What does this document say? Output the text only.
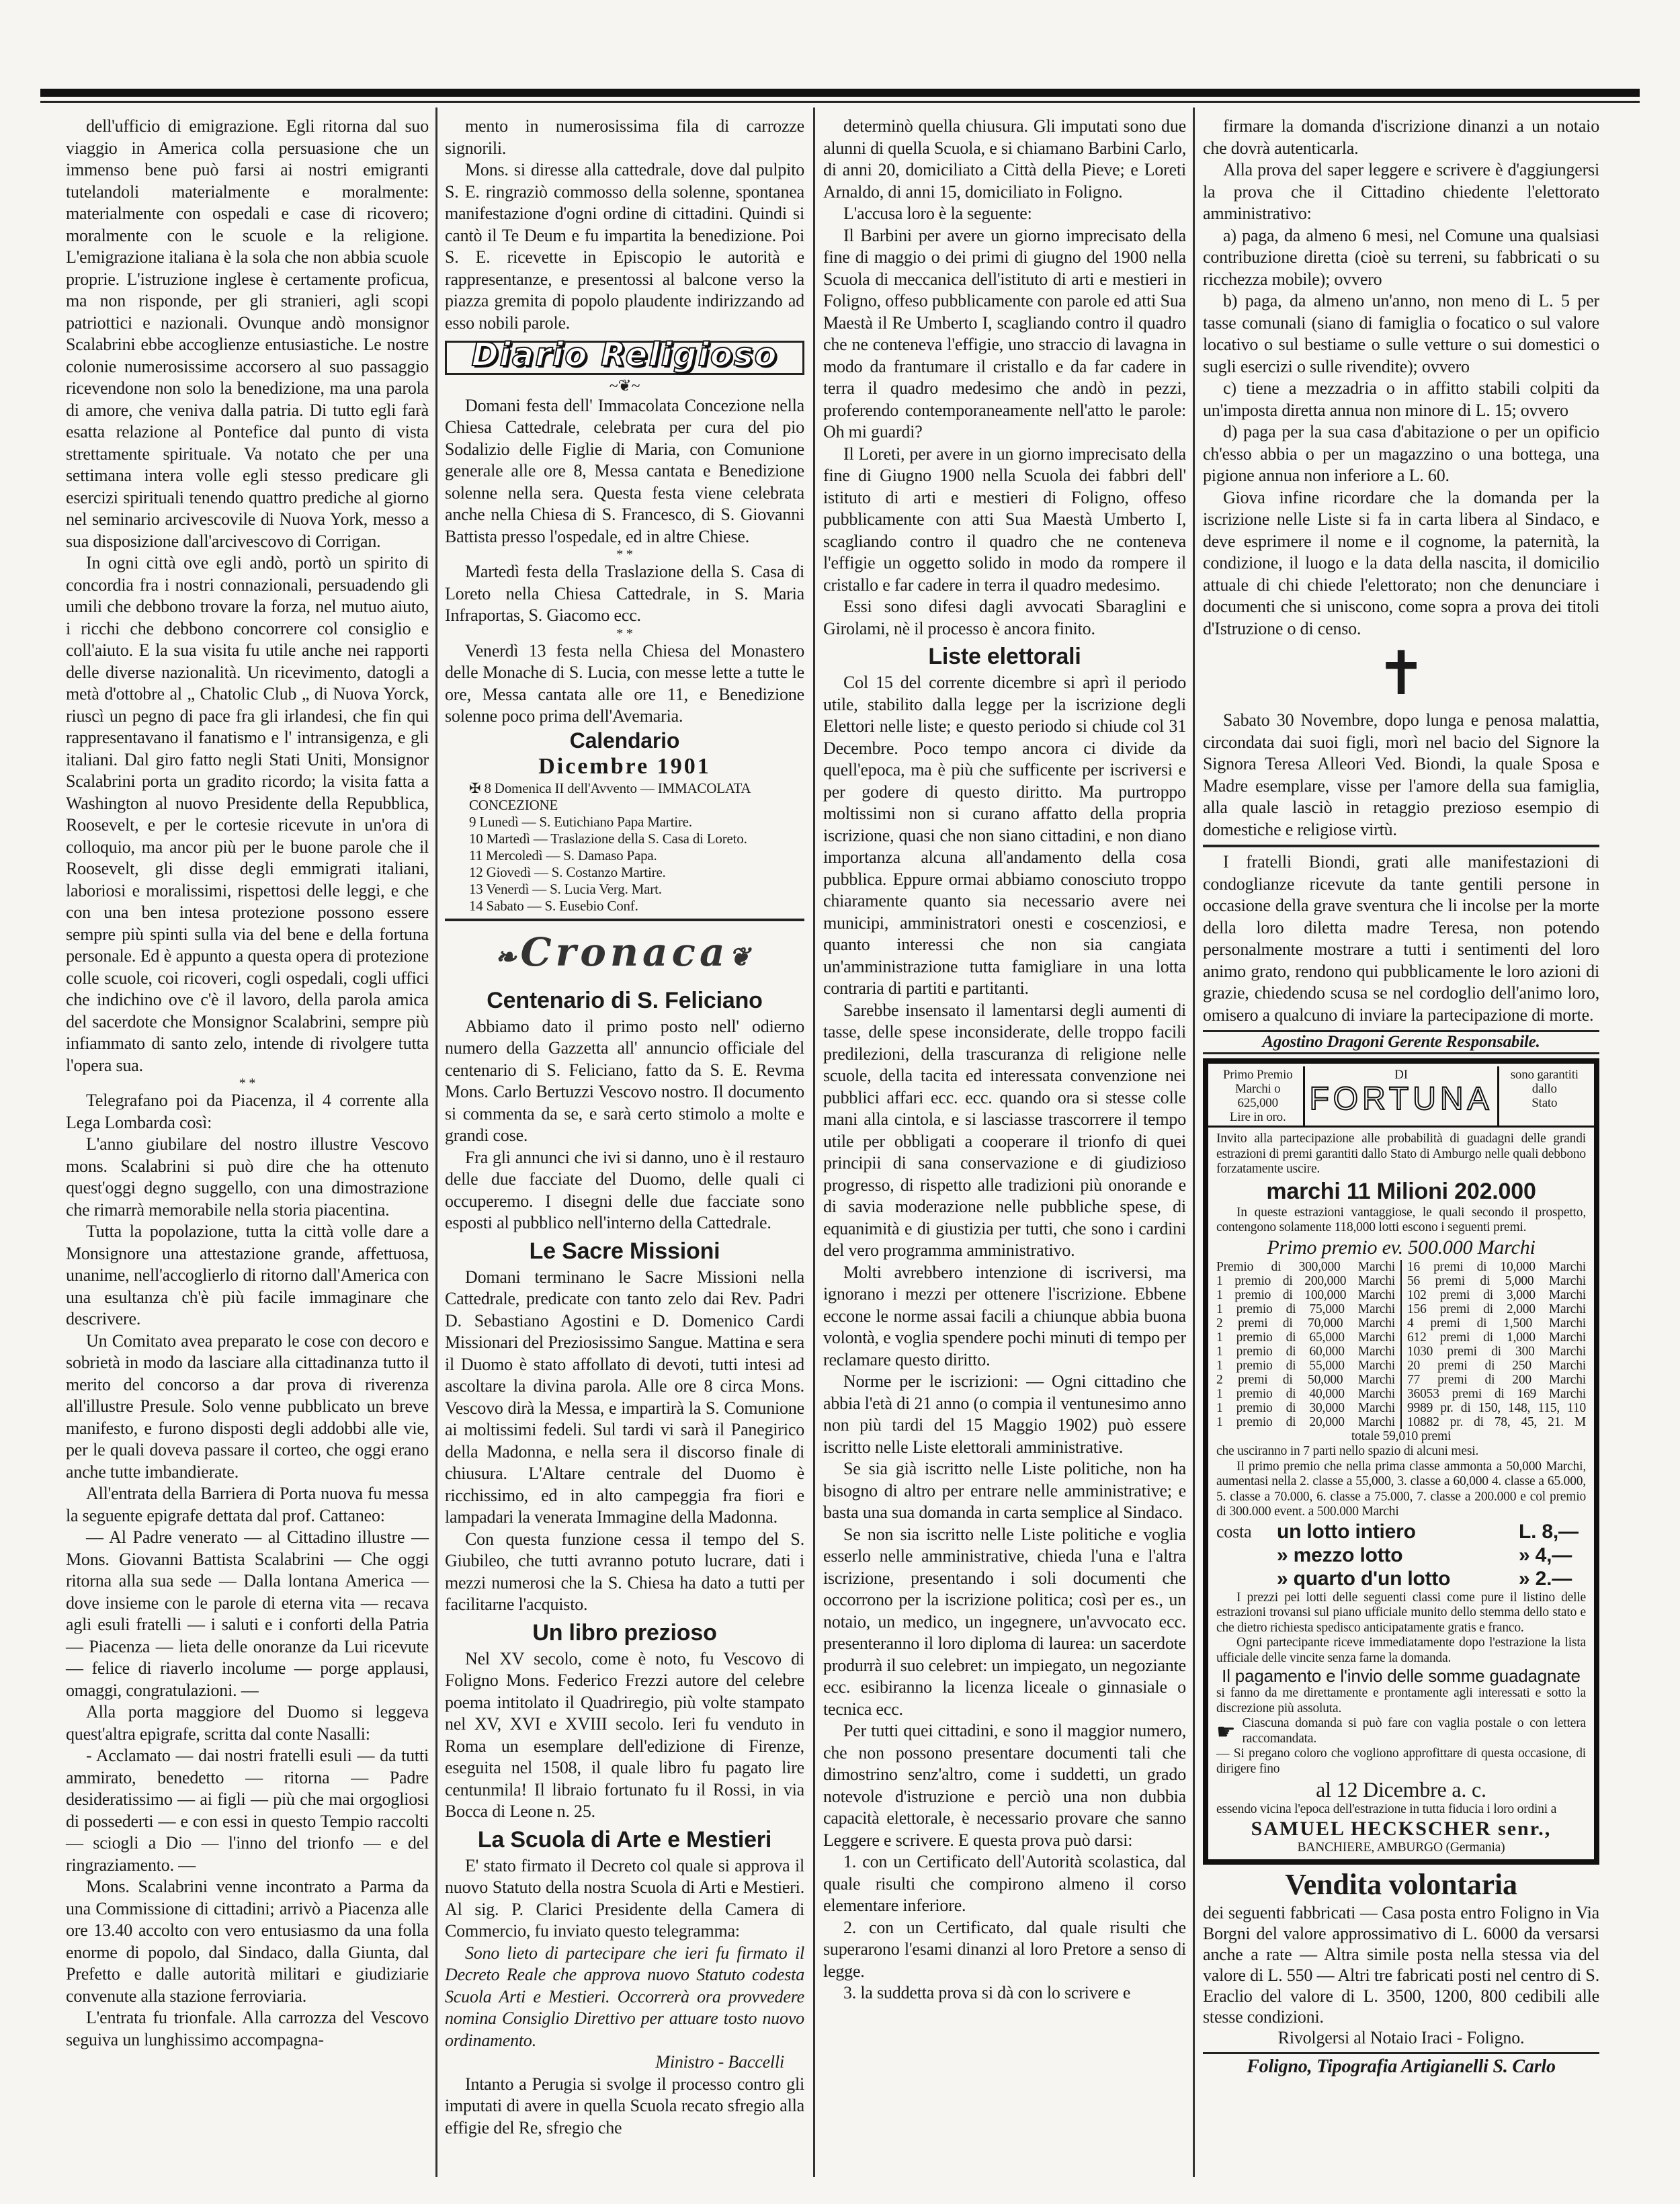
dell'ufficio di emigrazione. Egli ritorna dal suo viaggio in America colla persuasione che un immenso bene può farsi ai nostri emigranti tutelandoli materialmente e moralmente: materialmente con ospedali e case di ricovero; moralmente con le scuole e la religione. L'emigrazione italiana è la sola che non abbia scuole proprie. L'istruzione inglese è certamente proficua, ma non risponde, per gli stranieri, agli scopi patriottici e nazionali. Ovunque andò monsignor Scalabrini ebbe accoglienze entusiastiche. Le nostre colonie numerosissime accorsero al suo passaggio ricevendone non solo la benedizione, ma una parola di amore, che veniva dalla patria. Di tutto egli farà esatta relazione al Pontefice dal punto di vista strettamente spirituale. Va notato che per una settimana intera volle egli stesso predicare gli esercizi spirituali tenendo quattro prediche al giorno nel seminario arcivescovile di Nuova York, messo a sua disposizione dall'arcivescovo di Corrigan.
In ogni città ove egli andò, portò un spirito di concordia fra i nostri connazionali, persuadendo gli umili che debbono trovare la forza, nel mutuo aiuto, i ricchi che debbono concorrere col consiglio e coll'aiuto. E la sua visita fu utile anche nei rapporti delle diverse nazionalità. Un ricevimento, datogli a metà d'ottobre al „ Chatolic Club „ di Nuova Yorck, riuscì un pegno di pace fra gli irlandesi, che fin qui rappresentavano il fanatismo e l' intransigenza, e gli italiani. Dal giro fatto negli Stati Uniti, Monsignor Scalabrini porta un gradito ricordo; la visita fatta a Washington al nuovo Presidente della Repubblica, Roosevelt, e per le cortesie ricevute in un'ora di colloquio, ma ancor più per le buone parole che il Roosevelt, gli disse degli emmigrati italiani, laboriosi e moralissimi, rispettosi delle leggi, e che con una ben intesa protezione possono essere sempre più spinti sulla via del bene e della fortuna personale. Ed è appunto a questa opera di protezione colle scuole, coi ricoveri, cogli ospedali, cogli uffici che indichino ove c'è il lavoro, della parola amica del sacerdote che Monsignor Scalabrini, sempre più infiammato di santo zelo, intende di rivolgere tutta l'opera sua.
* *
Telegrafano poi da Piacenza, il 4 corrente alla Lega Lombarda così:
L'anno giubilare del nostro illustre Vescovo mons. Scalabrini si può dire che ha ottenuto quest'oggi degno suggello, con una dimostrazione che rimarrà memorabile nella storia piacentina.
Tutta la popolazione, tutta la città volle dare a Monsignore una attestazione grande, affettuosa, unanime, nell'accoglierlo di ritorno dall'America con una esultanza ch'è più facile immaginare che descrivere.
Un Comitato avea preparato le cose con decoro e sobrietà in modo da lasciare alla cittadinanza tutto il merito del concorso a dar prova di riverenza all'illustre Presule. Solo venne pubblicato un breve manifesto, e furono disposti degli addobbi alle vie, per le quali doveva passare il corteo, che oggi erano anche tutte imbandierate.
All'entrata della Barriera di Porta nuova fu messa la seguente epigrafe dettata dal prof. Cattaneo:
— Al Padre venerato — al Cittadino illustre — Mons. Giovanni Battista Scalabrini — Che oggi ritorna alla sua sede — Dalla lontana America — dove insieme con le parole di eterna vita — recava agli esuli fratelli — i saluti e i conforti della Patria — Piacenza — lieta delle onoranze da Lui ricevute — felice di riaverlo incolume — porge applausi, omaggi, congratulazioni. —
Alla porta maggiore del Duomo si leggeva quest'altra epigrafe, scritta dal conte Nasalli:
- Acclamato — dai nostri fratelli esuli — da tutti ammirato, benedetto — ritorna — Padre desideratissimo — ai figli — più che mai orgogliosi di possederti — e con essi in questo Tempio raccolti — sciogli a Dio — l'inno del trionfo — e del ringraziamento. —
Mons. Scalabrini venne incontrato a Parma da una Commissione di cittadini; arrivò a Piacenza alle ore 13.40 accolto con vero entusiasmo da una folla enorme di popolo, dal Sindaco, dalla Giunta, dal Prefetto e dalle autorità militari e giudiziarie convenute alla stazione ferroviaria.
L'entrata fu trionfale. Alla carrozza del Vescovo seguiva un lunghissimo accompagna-
mento in numerosissima fila di carrozze signorili.
Mons. si diresse alla cattedrale, dove dal pulpito S. E. ringraziò commosso della solenne, spontanea manifestazione d'ogni ordine di cittadini. Quindi si cantò il Te Deum e fu impartita la benedizione. Poi S. E. ricevette in Episcopio le autorità e rappresentanze, e presentossi al balcone verso la piazza gremita di popolo plaudente indirizzando ad esso nobili parole.
Diario Religioso
~❦~
Domani festa dell' Immacolata Concezione nella Chiesa Cattedrale, celebrata per cura del pio Sodalizio delle Figlie di Maria, con Comunione generale alle ore 8, Messa cantata e Benedizione solenne nella sera. Questa festa viene celebrata anche nella Chiesa di S. Francesco, di S. Giovanni Battista presso l'ospedale, ed in altre Chiese.
* *
Martedì festa della Traslazione della S. Casa di Loreto nella Chiesa Cattedrale, in S. Maria Infraportas, S. Giacomo ecc.
* *
Venerdì 13 festa nella Chiesa del Monastero delle Monache di S. Lucia, con messe lette a tutte le ore, Messa cantata alle ore 11, e Benedizione solenne poco prima dell'Avemaria.
Calendario
Dicembre 1901
✠ 8 Domenica II dell'Avvento — IMMACOLATA CONCEZIONE
9 Lunedì — S. Eutichiano Papa Martire.
10 Martedì — Traslazione della S. Casa di Loreto.
11 Mercoledì — S. Damaso Papa.
12 Giovedì — S. Costanzo Martire.
13 Venerdì — S. Lucia Verg. Mart.
14 Sabato — S. Eusebio Conf.
❧Cronaca❦
Centenario di S. Feliciano
Abbiamo dato il primo posto nell' odierno numero della Gazzetta all' annuncio officiale del centenario di S. Feliciano, fatto da S. E. Revma Mons. Carlo Bertuzzi Vescovo nostro. Il documento si commenta da se, e sarà certo stimolo a molte e grandi cose.
Fra gli annunci che ivi si danno, uno è il restauro delle due facciate del Duomo, delle quali ci occuperemo. I disegni delle due facciate sono esposti al pubblico nell'interno della Cattedrale.
Le Sacre Missioni
Domani terminano le Sacre Missioni nella Cattedrale, predicate con tanto zelo dai Rev. Padri D. Sebastiano Agostini e D. Domenico Cardi Missionari del Preziosissimo Sangue. Mattina e sera il Duomo è stato affollato di devoti, tutti intesi ad ascoltare la divina parola. Alle ore 8 circa Mons. Vescovo dirà la Messa, e impartirà la S. Comunione ai moltissimi fedeli. Sul tardi vi sarà il Panegirico della Madonna, e nella sera il discorso finale di chiusura. L'Altare centrale del Duomo è ricchissimo, ed in alto campeggia fra fiori e lampadari la venerata Immagine della Madonna.
Con questa funzione cessa il tempo del S. Giubileo, che tutti avranno potuto lucrare, dati i mezzi numerosi che la S. Chiesa ha dato a tutti per facilitarne l'acquisto.
Un libro prezioso
Nel XV secolo, come è noto, fu Vescovo di Foligno Mons. Federico Frezzi autore del celebre poema intitolato il Quadriregio, più volte stampato nel XV, XVI e XVIII secolo. Ieri fu venduto in Roma un esemplare dell'edizione di Firenze, eseguita nel 1508, il quale libro fu pagato lire centunmila! Il libraio fortunato fu il Rossi, in via Bocca di Leone n. 25.
La Scuola di Arte e Mestieri
E' stato firmato il Decreto col quale si approva il nuovo Statuto della nostra Scuola di Arti e Mestieri. Al sig. P. Clarici Presidente della Camera di Commercio, fu inviato questo telegramma:
Sono lieto di partecipare che ieri fu firmato il Decreto Reale che approva nuovo Statuto codesta Scuola Arti e Mestieri. Occorrerà ora provvedere nomina Consiglio Direttivo per attuare tosto nuovo ordinamento.
Ministro - Baccelli
Intanto a Perugia si svolge il processo contro gli imputati di avere in quella Scuola recato sfregio alla effigie del Re, sfregio che
determinò quella chiusura. Gli imputati sono due alunni di quella Scuola, e si chiamano Barbini Carlo, di anni 20, domiciliato a Città della Pieve; e Loreti Arnaldo, di anni 15, domiciliato in Foligno.
L'accusa loro è la seguente:
Il Barbini per avere un giorno imprecisato della fine di maggio o dei primi di giugno del 1900 nella Scuola di meccanica dell'istituto di arti e mestieri in Foligno, offeso pubblicamente con parole ed atti Sua Maestà il Re Umberto I, scagliando contro il quadro che ne conteneva l'effigie, uno straccio di lavagna in modo da frantumare il cristallo e da far cadere in terra il quadro medesimo che andò in pezzi, proferendo contemporaneamente nell'atto le parole: Oh mi guardi?
Il Loreti, per avere in un giorno imprecisato della fine di Giugno 1900 nella Scuola dei fabbri dell' istituto di arti e mestieri di Foligno, offeso pubblicamente con atti Sua Maestà Umberto I, scagliando contro il quadro che ne conteneva l'effigie un oggetto solido in modo da rompere il cristallo e far cadere in terra il quadro medesimo.
Essi sono difesi dagli avvocati Sbaraglini e Girolami, nè il processo è ancora finito.
Liste elettorali
Col 15 del corrente dicembre si aprì il periodo utile, stabilito dalla legge per la iscrizione degli Elettori nelle liste; e questo periodo si chiude col 31 Decembre. Poco tempo ancora ci divide da quell'epoca, ma è più che sufficente per iscriversi e per godere di questo diritto. Ma purtroppo moltissimi non si curano affatto della propria iscrizione, quasi che non siano cittadini, e non diano importanza alcuna all'andamento della cosa pubblica. Eppure ormai abbiamo conosciuto troppo chiaramente quanto sia necessario avere nei municipi, amministratori onesti e coscenziosi, e quanto interessi che non sia cangiata un'amministrazione tutta famigliare in una lotta contraria di partiti e partitanti.
Sarebbe insensato il lamentarsi degli aumenti di tasse, delle spese inconsiderate, delle troppo facili predilezioni, della trascuranza di religione nelle scuole, della tacita ed interessata convenzione nei pubblici affari ecc. ecc. quando ora si stesse colle mani alla cintola, e si lasciasse trascorrere il tempo utile per obbligati a cooperare il trionfo di quei principii di sana conservazione e di giudizioso progresso, di rispetto alle tradizioni più onorande e di savia moderazione nelle pubbliche spese, di equanimità e di giustizia per tutti, che sono i cardini del vero programma amministrativo.
Molti avrebbero intenzione di iscriversi, ma ignorano i mezzi per ottenere l'iscrizione. Ebbene eccone le norme assai facili a chiunque abbia buona volontà, e voglia spendere pochi minuti di tempo per reclamare questo diritto.
Norme per le iscrizioni: — Ogni cittadino che abbia l'età di 21 anno (o compia il ventunesimo anno non più tardi del 15 Maggio 1902) può essere iscritto nelle Liste elettorali amministrative.
Se sia già iscritto nelle Liste politiche, non ha bisogno di altro per entrare nelle amministrative; e basta una sua domanda in carta semplice al Sindaco.
Se non sia iscritto nelle Liste politiche e voglia esserlo nelle amministrative, chieda l'una e l'altra iscrizione, presentando i soli documenti che occorrono per la iscrizione politica; così per es., un notaio, un medico, un ingegnere, un'avvocato ecc. presenteranno il loro diploma di laurea: un sacerdote produrrà il suo celebret: un impiegato, un negoziante ecc. esibiranno la licenza liceale o ginnasiale o tecnica ecc.
Per tutti quei cittadini, e sono il maggior numero, che non possono presentare documenti tali che dimostrino senz'altro, come i suddetti, un grado notevole d'istruzione e perciò una non dubbia capacità elettorale, è necessario provare che sanno Leggere e scrivere. E questa prova può darsi:
1. con un Certificato dell'Autorità scolastica, dal quale risulti che compirono almeno il corso elementare inferiore.
2. con un Certificato, dal quale risulti che superarono l'esami dinanzi al loro Pretore a senso di legge.
3. la suddetta prova si dà con lo scrivere e
firmare la domanda d'iscrizione dinanzi a un notaio che dovrà autenticarla.
Alla prova del saper leggere e scrivere è d'aggiungersi la prova che il Cittadino chiedente l'elettorato amministrativo:
a) paga, da almeno 6 mesi, nel Comune una qualsiasi contribuzione diretta (cioè su terreni, su fabbricati o su ricchezza mobile); ovvero
b) paga, da almeno un'anno, non meno di L. 5 per tasse comunali (siano di famiglia o focatico o sul valore locativo o sul bestiame o sulle vetture o sui domestici o sugli esercizi o sulle rivendite); ovvero
c) tiene a mezzadria o in affitto stabili colpiti da un'imposta diretta annua non minore di L. 15; ovvero
d) paga per la sua casa d'abitazione o per un opificio ch'esso abbia o per un magazzino o una bottega, una pigione annua non inferiore a L. 60.
Giova infine ricordare che la domanda per la iscrizione nelle Liste si fa in carta libera al Sindaco, e deve esprimere il nome e il cognome, la paternità, la condizione, il luogo e la data della nascita, il domicilio attuale di chi chiede l'elettorato; non che denunciare i documenti che si uniscono, come sopra a prova dei titoli d'Istruzione o di censo.
✝
Sabato 30 Novembre, dopo lunga e penosa malattia, circondata dai suoi figli, morì nel bacio del Signore la Signora Teresa Alleori Ved. Biondi, la quale Sposa e Madre esemplare, visse per l'amore della sua famiglia, alla quale lasciò in retaggio prezioso esempio di domestiche e religiose virtù.
I fratelli Biondi, grati alle manifestazioni di condoglianze ricevute da tante gentili persone in occasione della grave sventura che li incolse per la morte della loro diletta madre Teresa, non potendo personalmente mostrare a tutti i sentimenti del loro animo grato, rendono qui pubblicamente le loro azioni di grazie, chiedendo scusa se nel cordoglio dell'animo loro, omisero a qualcuno di inviare la partecipazione di morte.
Agostino Dragoni Gerente Responsabile.
Primo Premio
Marchi o
625,000
Lire in oro.
DI
FORTUNA
sono garantiti
dallo
Stato
Invito alla partecipazione alle probabilità di guadagni delle grandi estrazioni di premi garantiti dallo Stato di Amburgo nelle quali debbono forzatamente uscire.
marchi 11 Milioni 202.000
In queste estrazioni vantaggiose, le quali secondo il prospetto, contengono solamente 118,000 lotti escono i seguenti premi.
Primo premio ev. 500.000 Marchi
Premio di 300,000 Marchi
1 premio di 200,000 Marchi
1 premio di 100,000 Marchi
1 premio di 75,000 Marchi
2 premi di 70,000 Marchi
1 premio di 65,000 Marchi
1 premio di 60,000 Marchi
1 premio di 55,000 Marchi
2 premi di 50,000 Marchi
1 premio di 40,000 Marchi
1 premio di 30,000 Marchi
1 premio di 20,000 Marchi
16 premi di 10,000 Marchi
56 premi di 5,000 Marchi
102 premi di 3,000 Marchi
156 premi di 2,000 Marchi
4 premi di 1,500 Marchi
612 premi di 1,000 Marchi
1030 premi di 300 Marchi
20 premi di 250 Marchi
77 premi di 200 Marchi
36053 premi di 169 Marchi
9989 pr. di 150, 148, 115, 110
10882 pr. di 78, 45, 21. M
totale 59,010 premi
che usciranno in 7 parti nello spazio di alcuni mesi.
Il primo premio che nella prima classe ammonta a 50,000 Marchi, aumentasi nella 2. classe a 55,000, 3. classe a 60,000 4. classe a 65.000, 5. classe a 70.000, 6. classe a 75.000, 7. classe a 200.000 e col premio di 300.000 event. a 500.000 Marchi
costa	un lotto intiero	L. 8,—
» mezzo lotto	» 4,—
» quarto d'un lotto	» 2.—
I prezzi pei lotti delle seguenti classi come pure il listino delle estrazioni trovansi sul piano ufficiale munito dello stemma dello stato e che dietro richiesta spedisco anticipatamente gratis e franco.
Ogni partecipante riceve immediatamente dopo l'estrazione la lista ufficiale delle vincite senza farne la domanda.
Il pagamento e l'invio delle somme guadagnate
si fanno da me direttamente e prontamente agli interessati e sotto la discrezione più assoluta.
☛ Ciascuna domanda si può fare con vaglia postale o con lettera raccomandata.
— Si pregano coloro che vogliono approfittare di questa occasione, di dirigere fino
al 12 Dicembre a. c.
essendo vicina l'epoca dell'estrazione in tutta fiducia i loro ordini a
SAMUEL HECKSCHER senr.,
BANCHIERE, AMBURGO (Germania)
Vendita volontaria
dei seguenti fabbricati — Casa posta entro Foligno in Via Borgni del valore approssimativo di L. 6000 da versarsi anche a rate — Altra simile posta nella stessa via del valore di L. 550 — Altri tre fabricati posti nel centro di S. Eraclio del valore di L. 3500, 1200, 800 cedibili alle stesse condizioni.
Rivolgersi al Notaio Iraci - Foligno.
Foligno, Tipografia Artigianelli S. Carlo
